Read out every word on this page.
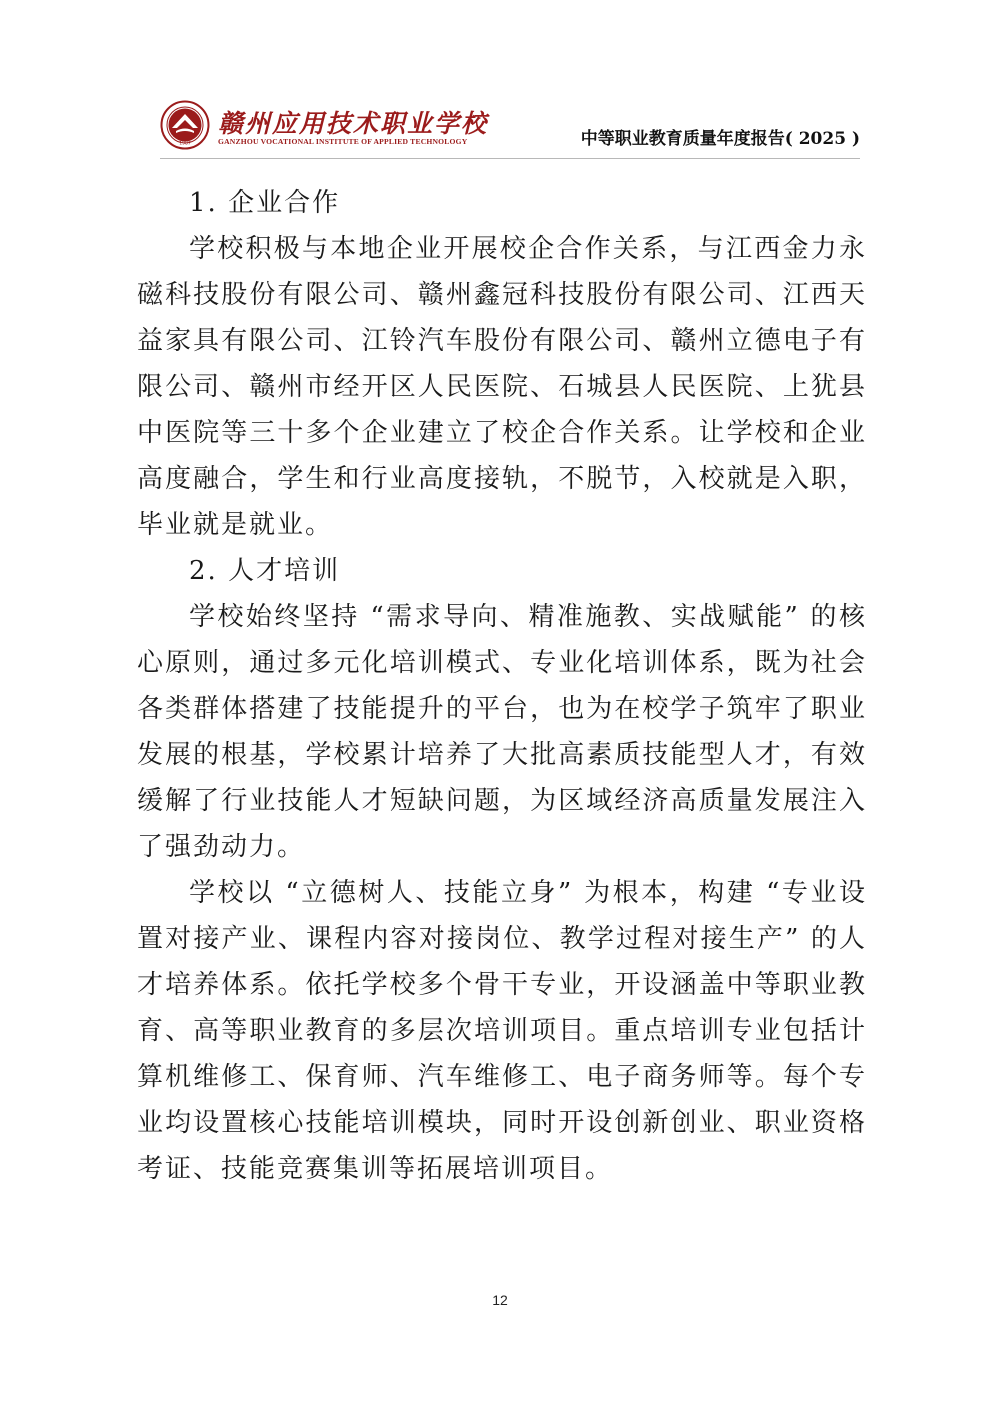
1987
赣州应用技术职业学校
GANZHOU VOCATIONAL INSTITUTE OF APPLIED TECHNOLOGY	中等职业教育质量年度报告( 2025 )

1. 企业合作

学校积极与本地企业开展校企合作关系，与江西金力永磁科技股份有限公司、赣州鑫冠科技股份有限公司、江西天益家具有限公司、江铃汽车股份有限公司、赣州立德电子有限公司、赣州市经开区人民医院、石城县人民医院、上犹县中医院等三十多个企业建立了校企合作关系。让学校和企业高度融合，学生和行业高度接轨，不脱节，入校就是入职，毕业就是就业。

2. 人才培训

学校始终坚持 “需求导向、精准施教、实战赋能” 的核心原则，通过多元化培训模式、专业化培训体系，既为社会各类群体搭建了技能提升的平台，也为在校学子筑牢了职业发展的根基，学校累计培养了大批高素质技能型人才，有效缓解了行业技能人才短缺问题，为区域经济高质量发展注入了强劲动力。

学校以 “立德树人、技能立身” 为根本，构建 “专业设置对接产业、课程内容对接岗位、教学过程对接生产” 的人才培养体系。依托学校多个骨干专业，开设涵盖中等职业教育、高等职业教育的多层次培训项目。重点培训专业包括计算机维修工、保育师、汽车维修工、电子商务师等。每个专业均设置核心技能培训模块，同时开设创新创业、职业资格考证、技能竞赛集训等拓展培训项目。

12
